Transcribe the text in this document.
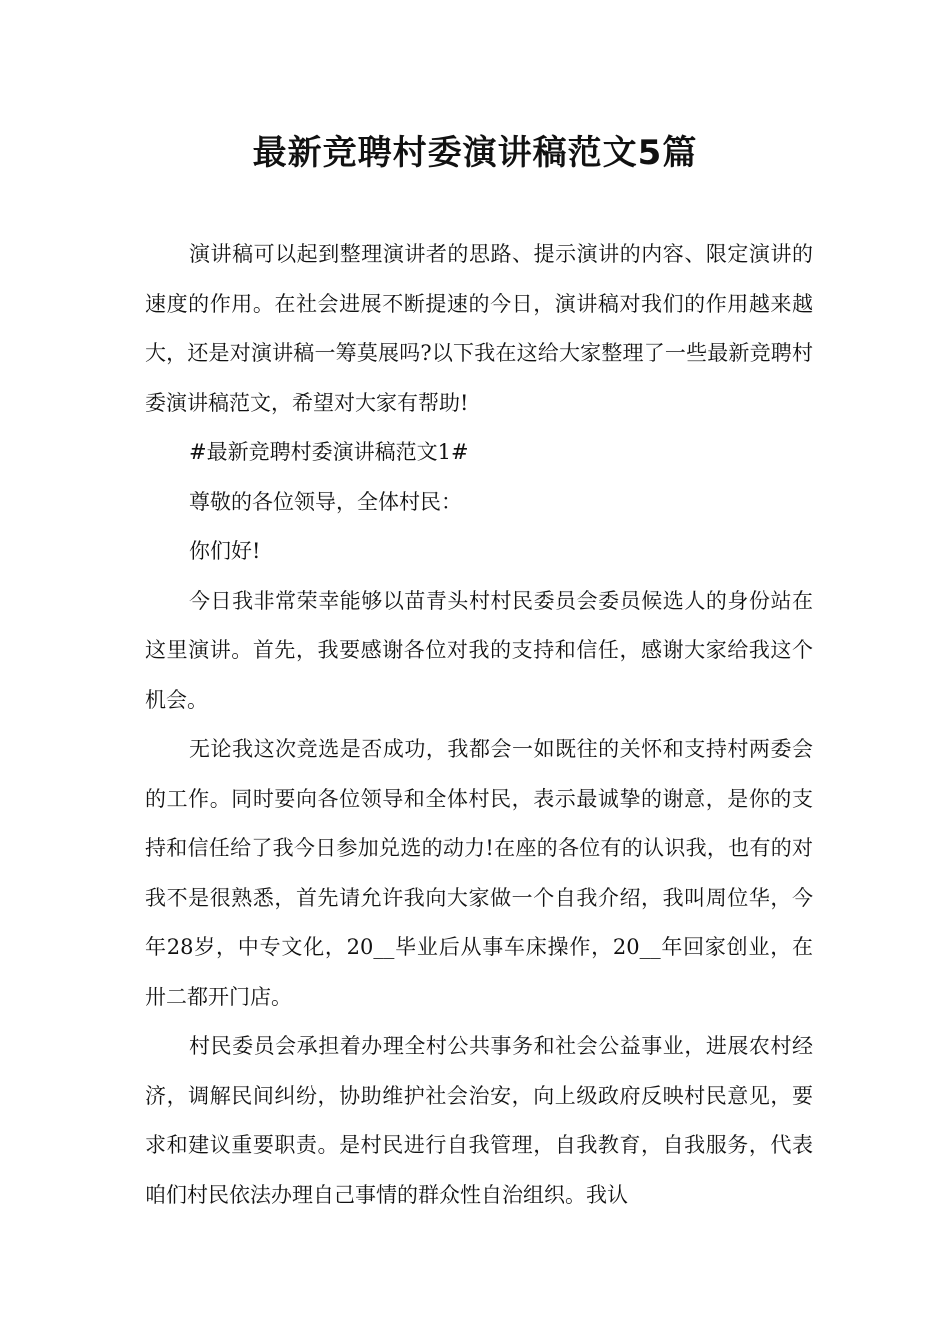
最新竞聘村委演讲稿范文5篇

演讲稿可以起到整理演讲者的思路、提示演讲的内容、限定演讲的速度的作用。在社会进展不断提速的今日，演讲稿对我们的作用越来越大，还是对演讲稿一筹莫展吗?以下我在这给大家整理了一些最新竞聘村委演讲稿范文，希望对大家有帮助!

#最新竞聘村委演讲稿范文1#

尊敬的各位领导，全体村民：

你们好!

今日我非常荣幸能够以苗青头村村民委员会委员候选人的身份站在这里演讲。首先，我要感谢各位对我的支持和信任，感谢大家给我这个机会。

无论我这次竞选是否成功，我都会一如既往的关怀和支持村两委会的工作。同时要向各位领导和全体村民，表示最诚挚的谢意，是你的支持和信任给了我今日参加兑选的动力!在座的各位有的认识我，也有的对我不是很熟悉，首先请允许我向大家做一个自我介绍，我叫周位华，今年28岁，中专文化，20__毕业后从事车床操作，20__年回家创业，在卅二都开门店。

村民委员会承担着办理全村公共事务和社会公益事业，进展农村经济，调解民间纠纷，协助维护社会治安，向上级政府反映村民意见，要求和建议重要职责。是村民进行自我管理，自我教育，自我服务，代表咱们村民依法办理自己事情的群众性自治组织。我认
